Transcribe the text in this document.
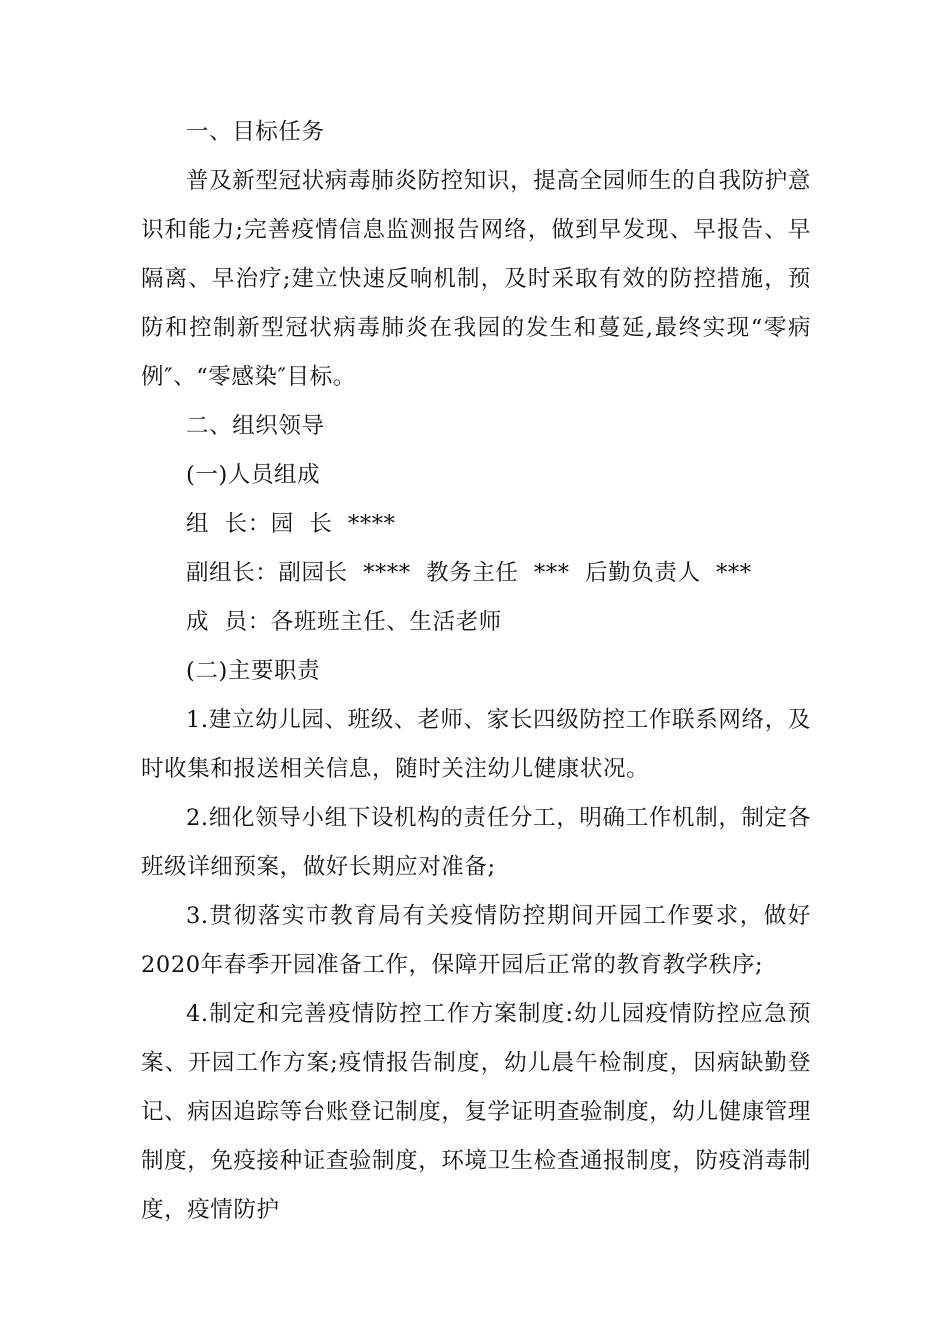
一、目标任务

普及新型冠状病毒肺炎防控知识，提高全园师生的自我防护意识和能力;完善疫情信息监测报告网络，做到早发现、早报告、早隔离、早治疗;建立快速反响机制，及时采取有效的防控措施，预防和控制新型冠状病毒肺炎在我园的发生和蔓延,最终实现“零病例″、“零感染″目标。

二、组织领导

(一)人员组成

组  长：园  长  ****

副组长：副园长  ****  教务主任  ***  后勤负责人  ***

成  员：各班班主任、生活老师

(二)主要职责

1.建立幼儿园、班级、老师、家长四级防控工作联系网络，及时收集和报送相关信息，随时关注幼儿健康状况。

2.细化领导小组下设机构的责任分工，明确工作机制，制定各班级详细预案，做好长期应对准备;

3.贯彻落实市教育局有关疫情防控期间开园工作要求，做好2020年春季开园准备工作，保障开园后正常的教育教学秩序;

4.制定和完善疫情防控工作方案制度:幼儿园疫情防控应急预案、开园工作方案;疫情报告制度，幼儿晨午检制度，因病缺勤登记、病因追踪等台账登记制度，复学证明查验制度，幼儿健康管理制度，免疫接种证查验制度，环境卫生检查通报制度，防疫消毒制度，疫情防护
